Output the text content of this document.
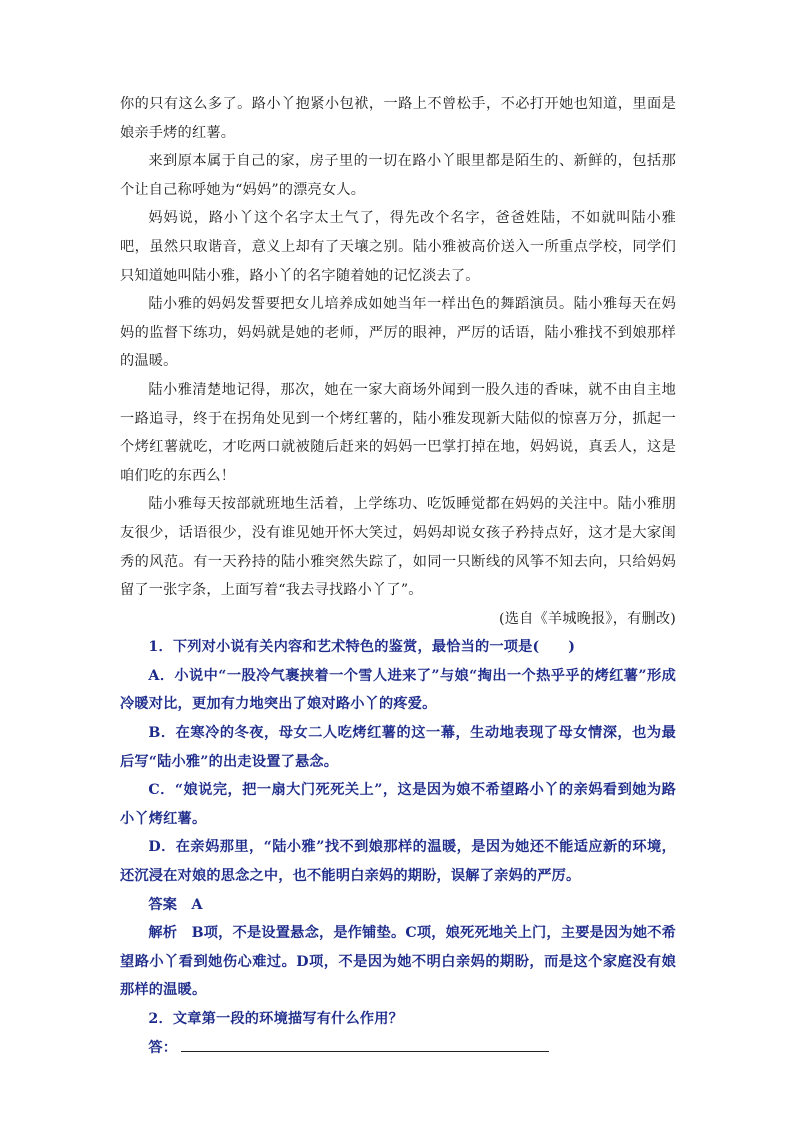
你的只有这么多了。路小丫抱紧小包袱，一路上不曾松手，不必打开她也知道，里面是娘亲手烤的红薯。

来到原本属于自己的家，房子里的一切在路小丫眼里都是陌生的、新鲜的，包括那个让自己称呼她为“妈妈”的漂亮女人。

妈妈说，路小丫这个名字太土气了，得先改个名字，爸爸姓陆，不如就叫陆小雅吧，虽然只取谐音，意义上却有了天壤之别。陆小雅被高价送入一所重点学校，同学们只知道她叫陆小雅，路小丫的名字随着她的记忆淡去了。

陆小雅的妈妈发誓要把女儿培养成如她当年一样出色的舞蹈演员。陆小雅每天在妈妈的监督下练功，妈妈就是她的老师，严厉的眼神，严厉的话语，陆小雅找不到娘那样的温暖。

陆小雅清楚地记得，那次，她在一家大商场外闻到一股久违的香味，就不由自主地一路追寻，终于在拐角处见到一个烤红薯的，陆小雅发现新大陆似的惊喜万分，抓起一个烤红薯就吃，才吃两口就被随后赶来的妈妈一巴掌打掉在地，妈妈说，真丢人，这是咱们吃的东西么！

陆小雅每天按部就班地生活着，上学练功、吃饭睡觉都在妈妈的关注中。陆小雅朋友很少，话语很少，没有谁见她开怀大笑过，妈妈却说女孩子矜持点好，这才是大家闺秀的风范。有一天矜持的陆小雅突然失踪了，如同一只断线的风筝不知去向，只给妈妈留了一张字条，上面写着“我去寻找路小丫了”。

(选自《羊城晚报》，有删改)

1．下列对小说有关内容和艺术特色的鉴赏，最恰当的一项是(　　)

A．小说中“一股冷气裹挟着一个雪人进来了”与娘“掏出一个热乎乎的烤红薯”形成冷暖对比，更加有力地突出了娘对路小丫的疼爱。

B．在寒冷的冬夜，母女二人吃烤红薯的这一幕，生动地表现了母女情深，也为最后写“陆小雅”的出走设置了悬念。

C．“娘说完，把一扇大门死死关上”，这是因为娘不希望路小丫的亲妈看到她为路小丫烤红薯。

D．在亲妈那里，“陆小雅”找不到娘那样的温暖，是因为她还不能适应新的环境，还沉浸在对娘的思念之中，也不能明白亲妈的期盼，误解了亲妈的严厉。

答案　A

解析　B项，不是设置悬念，是作铺垫。C项，娘死死地关上门，主要是因为她不希望路小丫看到她伤心难过。D项，不是因为她不明白亲妈的期盼，而是这个家庭没有娘那样的温暖。

2．文章第一段的环境描写有什么作用？

答：
